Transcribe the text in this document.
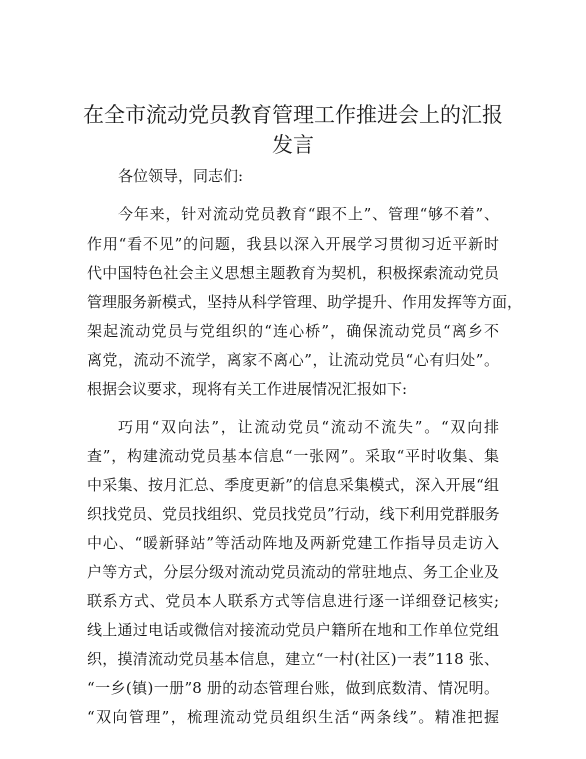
在全市流动党员教育管理工作推进会上的汇报
发言
各位领导，同志们:
今年来，针对流动党员教育“跟不上”、管理“够不着”、
作用“看不见”的问题，我县以深入开展学习贯彻习近平新时
代中国特色社会主义思想主题教育为契机，积极探索流动党员
管理服务新模式，坚持从科学管理、助学提升、作用发挥等方面，
架起流动党员与党组织的“连心桥”，确保流动党员“离乡不
离党，流动不流学，离家不离心”，让流动党员“心有归处”。
根据会议要求，现将有关工作进展情况汇报如下:
巧用“双向法”，让流动党员“流动不流失”。“双向排
查”，构建流动党员基本信息“一张网”。采取“平时收集、集
中采集、按月汇总、季度更新”的信息采集模式，深入开展“组
织找党员、党员找组织、党员找党员”行动，线下利用党群服务
中心、“暖新驿站”等活动阵地及两新党建工作指导员走访入
户等方式，分层分级对流动党员流动的常驻地点、务工企业及
联系方式、党员本人联系方式等信息进行逐一详细登记核实;
线上通过电话或微信对接流动党员户籍所在地和工作单位党组
织，摸清流动党员基本信息，建立“一村(社区)一表”118 张、
“一乡(镇)一册”8 册的动态管理台账，做到底数清、情况明。
“双向管理”，梳理流动党员组织生活“两条线”。精准把握
